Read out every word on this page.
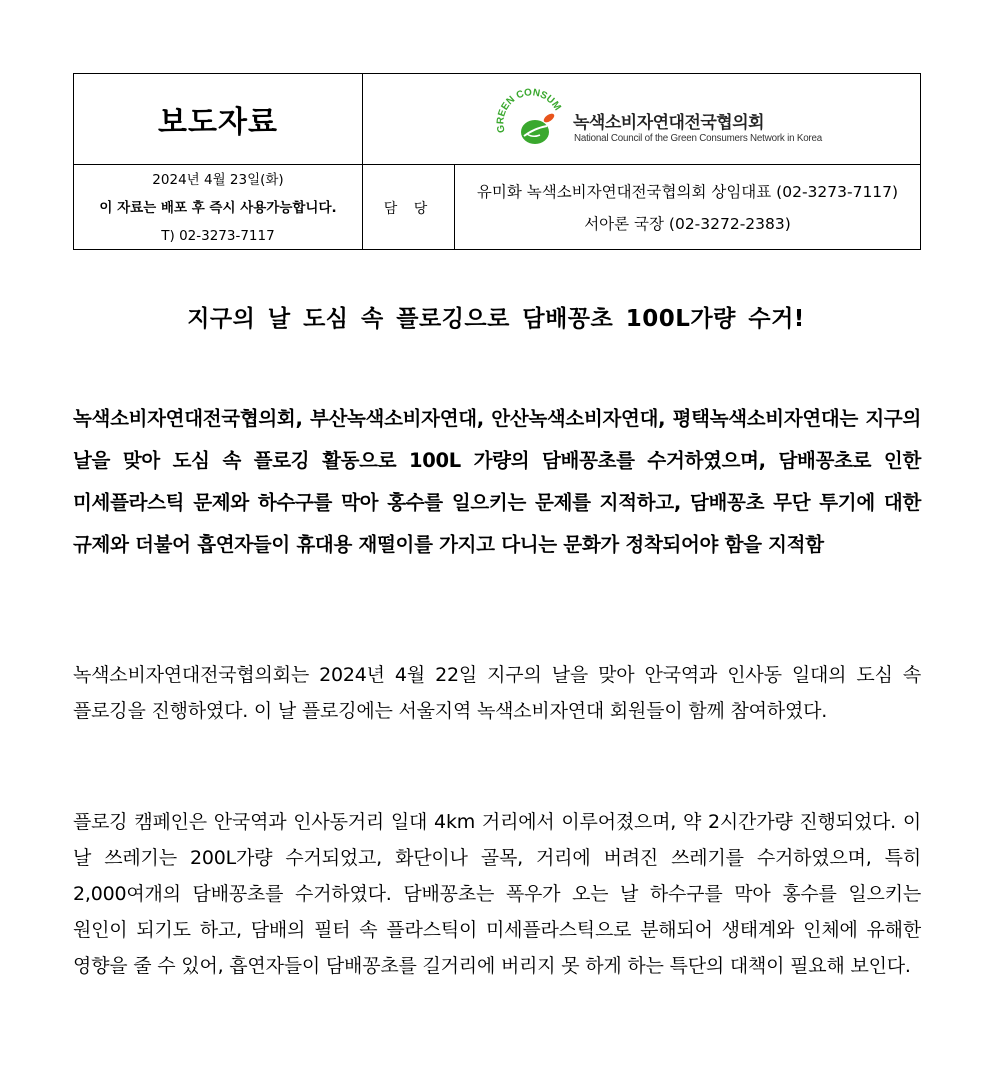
보도자료	GREEN CONSUM
녹색소비자연대전국협의회
National Council of the Green Consumers Network in Korea
2024년 4월 23일(화)
이 자료는 배포 후 즉시 사용가능합니다.
T) 02-3273-7117
담 당
유미화 녹색소비자연대전국협의회 상임대표 (02-3273-7117)
서아론 국장 (02-3272-2383)
지구의 날 도심 속 플로깅으로 담배꽁초 100L가량 수거!
녹색소비자연대전국협의회, 부산녹색소비자연대, 안산녹색소비자연대, 평택녹색소비자연대는 지구의 날을 맞아 도심 속 플로깅 활동으로 100L 가량의 담배꽁초를 수거하였으며, 담배꽁초로 인한 미세플라스틱 문제와 하수구를 막아 홍수를 일으키는 문제를 지적하고, 담배꽁초 무단 투기에 대한 규제와 더불어 흡연자들이 휴대용 재떨이를 가지고 다니는 문화가 정착되어야 함을 지적함
녹색소비자연대전국협의회는 2024년 4월 22일 지구의 날을 맞아 안국역과 인사동 일대의 도심 속 플로깅을 진행하였다. 이 날 플로깅에는 서울지역 녹색소비자연대 회원들이 함께 참여하였다.
플로깅 캠페인은 안국역과 인사동거리 일대 4km 거리에서 이루어졌으며, 약 2시간가량 진행되었다. 이 날 쓰레기는 200L가량 수거되었고, 화단이나 골목, 거리에 버려진 쓰레기를 수거하였으며, 특히 2,000여개의 담배꽁초를 수거하였다. 담배꽁초는 폭우가 오는 날 하수구를 막아 홍수를 일으키는 원인이 되기도 하고, 담배의 필터 속 플라스틱이 미세플라스틱으로 분해되어 생태계와 인체에 유해한 영향을 줄 수 있어, 흡연자들이 담배꽁초를 길거리에 버리지 못 하게 하는 특단의 대책이 필요해 보인다.
